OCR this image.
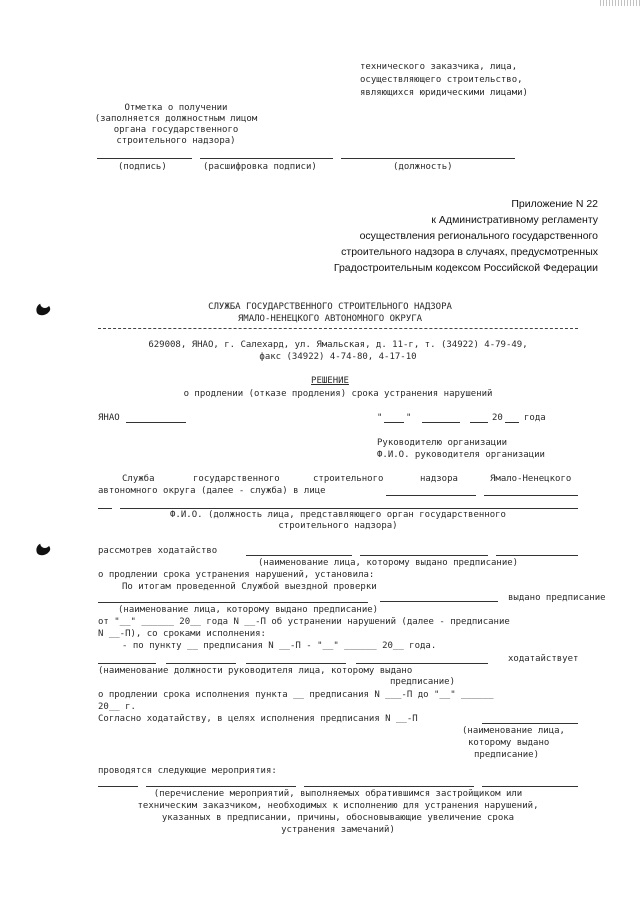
технического заказчика, лица,
осуществляющего строительство,
являющихся юридическими лицами)
Отметка о получении
(заполняется должностным лицом
органа государственного
строительного надзора)
(подпись)	(расшифровка подписи)	(должность)
Приложение N 22
к Административному регламенту
осуществления регионального государственного
строительного надзора в случаях, предусмотренных
Градостроительным кодексом Российской Федерации
СЛУЖБА ГОСУДАРСТВЕННОГО СТРОИТЕЛЬНОГО НАДЗОРА
ЯМАЛО-НЕНЕЦКОГО АВТОНОМНОГО ОКРУГА
629008, ЯНАО, г. Салехард, ул. Ямальская, д. 11-г, т. (34922) 4-79-49,
факс (34922) 4-74-80, 4-17-10
РЕШЕНИЕ
о продлении (отказе продления) срока устранения нарушений
ЯНАО	"	"	20 года
Руководителю организации
Ф.И.О. руководителя организации
Служба	государственного	строительного	надзора	Ямало-Ненецкого
автономного округа (далее - служба) в лице
Ф.И.О. (должность лица, представляющего орган государственного
строительного надзора)
рассмотрев ходатайство
(наименование лица, которому выдано предписание)
о продлении срока устранения нарушений, установила:
По итогам проведенной Службой выездной проверки
выдано предписание
(наименование лица, которому выдано предписание)
от "__" ______ 20__ года N __-П об устранении нарушений (далее - предписание
N __-П), со сроками исполнения:
- по пункту __ предписания N __-П - "__" ______ 20__ года.
ходатайствует
(наименование должности руководителя лица, которому выдано
предписание)
о продлении срока исполнения пункта __ предписания N ___-П до "__" ______
20__ г.
Согласно ходатайству, в целях исполнения предписания N __-П
(наименование лица,
которому выдано
предписание)
проводятся следующие мероприятия:
(перечисление мероприятий, выполняемых обратившимся застройщиком или
техническим заказчиком, необходимых к исполнению для устранения нарушений,
указанных в предписании, причины, обосновывающие увеличение срока
устранения замечаний)
